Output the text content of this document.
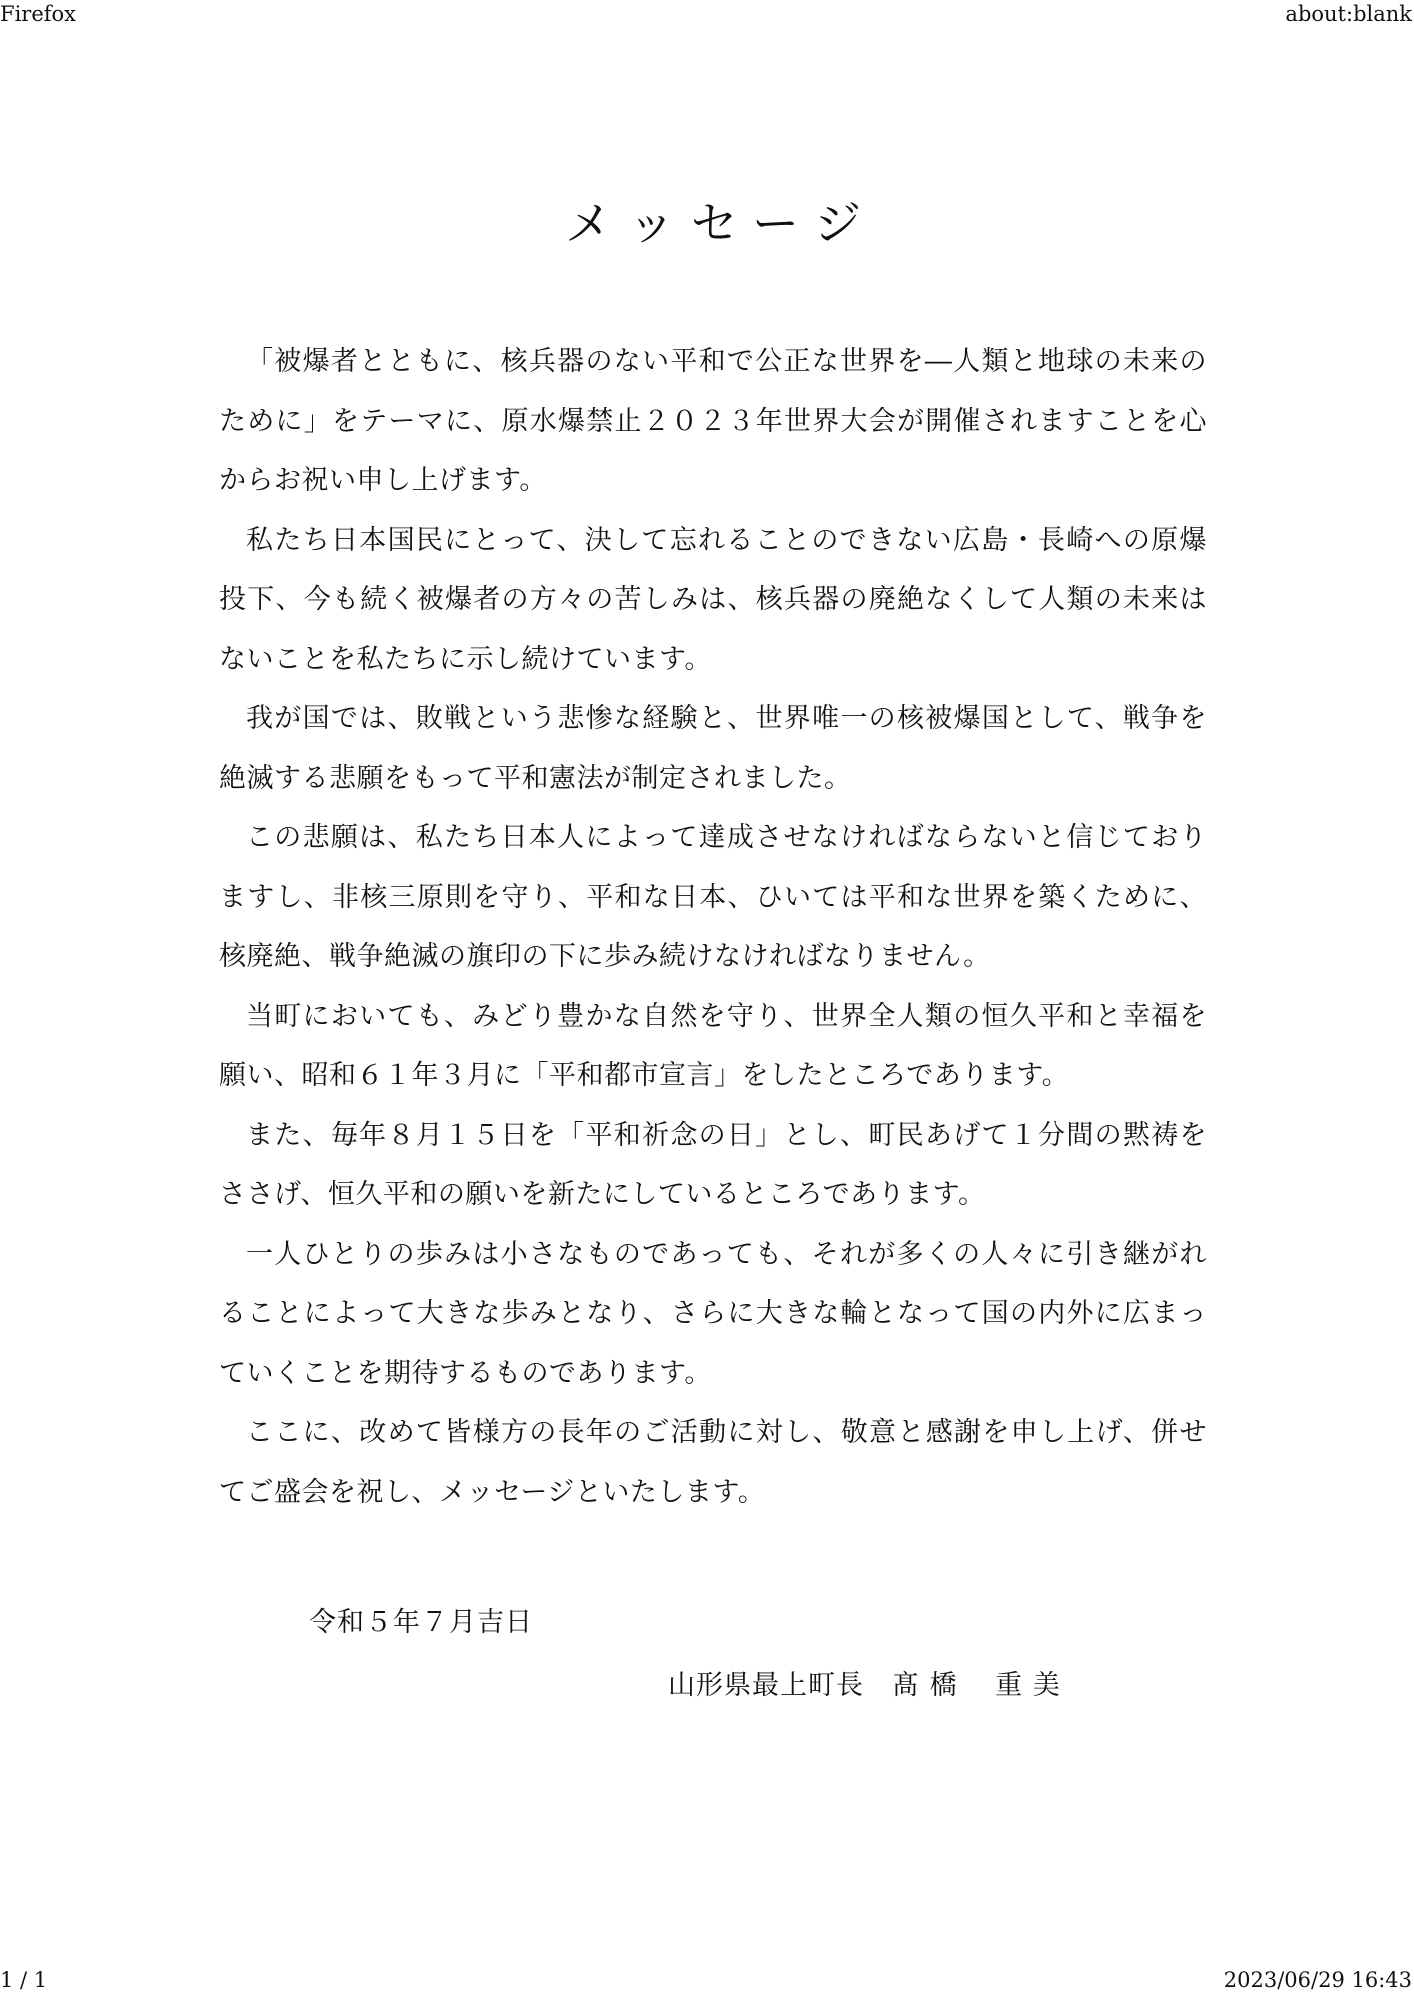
Firefox	about:blank
メッセージ

「被爆者とともに、核兵器のない平和で公正な世界を―人類と地球の未来のために」をテーマに、原水爆禁止２０２３年世界大会が開催されますことを心からお祝い申し上げます。

私たち日本国民にとって、決して忘れることのできない広島・長崎への原爆投下、今も続く被爆者の方々の苦しみは、核兵器の廃絶なくして人類の未来はないことを私たちに示し続けています。

我が国では、敗戦という悲惨な経験と、世界唯一の核被爆国として、戦争を絶滅する悲願をもって平和憲法が制定されました。

この悲願は、私たち日本人によって達成させなければならないと信じておりますし、非核三原則を守り、平和な日本、ひいては平和な世界を築くために、核廃絶、戦争絶滅の旗印の下に歩み続けなければなりません。

当町においても、みどり豊かな自然を守り、世界全人類の恒久平和と幸福を願い、昭和６１年３月に「平和都市宣言」をしたところであります。

また、毎年８月１５日を「平和祈念の日」とし、町民あげて１分間の黙祷をささげ、恒久平和の願いを新たにしているところであります。

一人ひとりの歩みは小さなものであっても、それが多くの人々に引き継がれることによって大きな歩みとなり、さらに大きな輪となって国の内外に広まっていくことを期待するものであります。

ここに、改めて皆様方の長年のご活動に対し、敬意と感謝を申し上げ、併せてご盛会を祝し、メッセージといたします。

令和５年７月吉日
山形県最上町長　髙 橋　 重 美
1 / 1	2023/06/29 16:43
